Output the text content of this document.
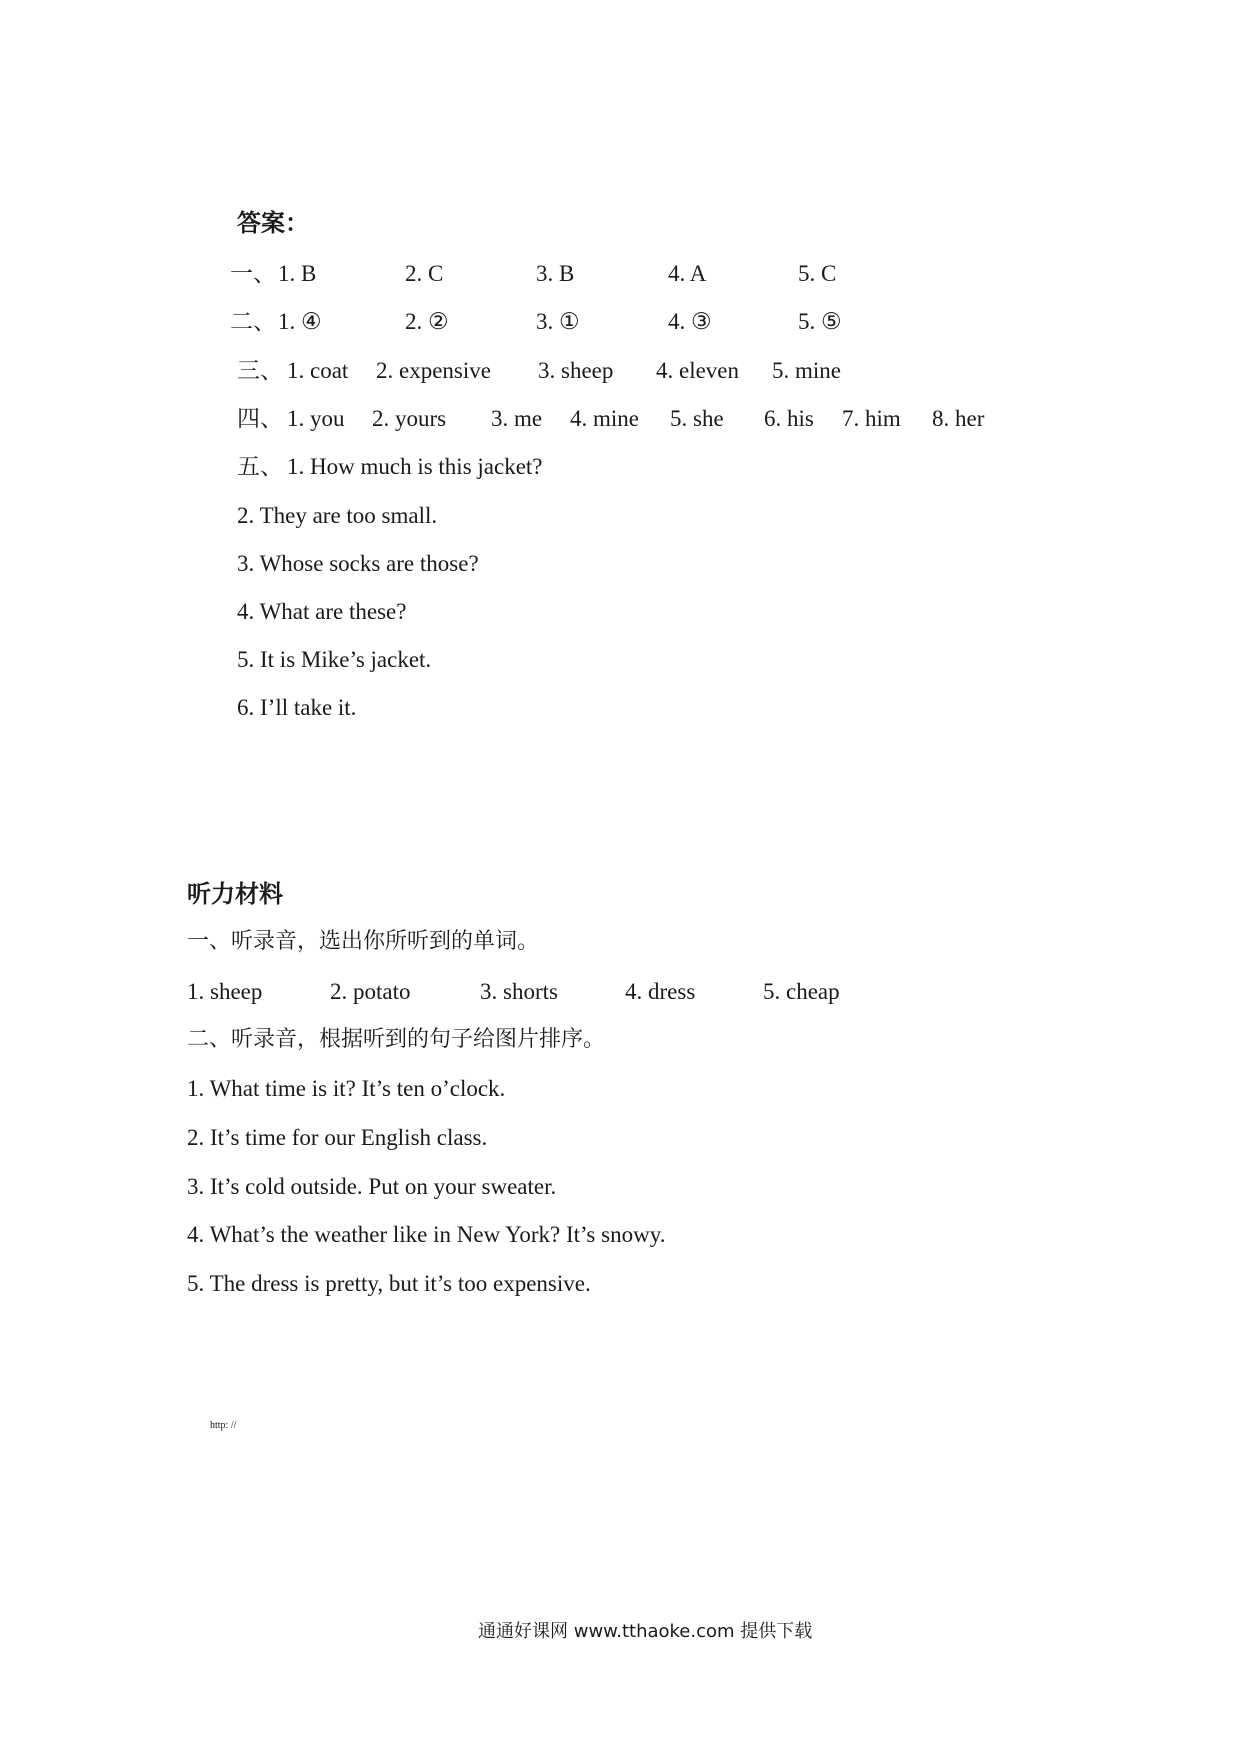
答案：
一、 1. B	2. C	3. B	4. A	5. C
二、 1. ④	2. ②	3. ①	4. ③	5. ⑤
三、 1. coat 2. expensive 3. sheep 4. eleven 5. mine
四、 1. you 2. yours 3. me 4. mine 5. she 6. his 7. him 8. her
五、 1. How much is this jacket?
2. They are too small.
3. Whose socks are those?
4. What are these?
5. It is Mike’s jacket.
6. I’ll take it.
听力材料
一、听录音，选出你所听到的单词。
1. sheep	2. potato	3. shorts	4. dress	5. cheap
二、听录音，根据听到的句子给图片排序。
1. What time is it? It’s ten o’clock.
2. It’s time for our English class.
3. It’s cold outside. Put on your sweater.
4. What’s the weather like in New York? It’s snowy.
5. The dress is pretty, but it’s too expensive.
http: //
通通好课网 www.tthaoke.com 提供下载
